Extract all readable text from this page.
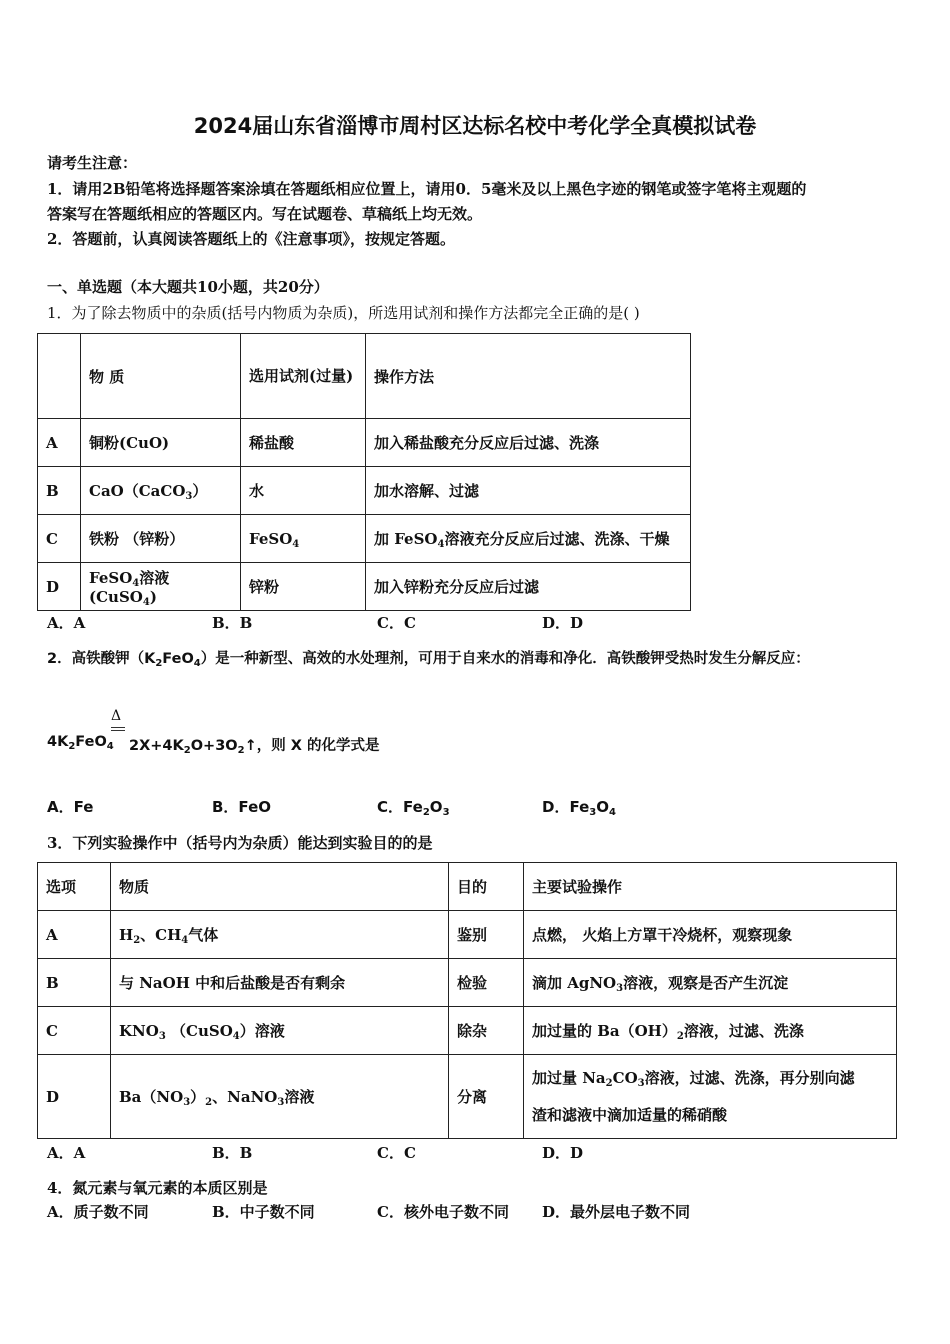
2024届山东省淄博市周村区达标名校中考化学全真模拟试卷
请考生注意：
1．请用2B铅笔将选择题答案涂填在答题纸相应位置上，请用0．5毫米及以上黑色字迹的钢笔或签字笔将主观题的
答案写在答题纸相应的答题区内。写在试题卷、草稿纸上均无效。
2．答题前，认真阅读答题纸上的《注意事项》，按规定答题。
一、单选题（本大题共10小题，共20分）
1．为了除去物质中的杂质(括号内物质为杂质)，所选用试剂和操作方法都完全正确的是( )
	物 质	选用试剂(过量)	操作方法
A	铜粉(CuO)	稀盐酸	加入稀盐酸充分反应后过滤、洗涤
B	CaO（CaCO$_3$）	水	加水溶解、过滤
C	铁粉 （锌粉）	FeSO$_4$	加 FeSO$_4$溶液充分反应后过滤、洗涤、干燥
D	FeSO$_4$溶液(CuSO$_4$)	锌粉	加入锌粉充分反应后过滤
A．A	B．B	C．C	D．D
2．高铁酸钾$(K_2FeO_4)$是一种新型、高效的水处理剂，可用于自来水的消毒和净化．高铁酸钾受热时发生分解反应：
Δ
$4K_2FeO_4$ $2X+4K_2O+3O_2↑$，则 X 的化学式是
A．Fe	B．FeO	C．$Fe_2O_3$	D．$Fe_3O_4$
3．下列实验操作中（括号内为杂质）能达到实验目的的是
选项	物质	目的	主要试验操作
A	$H_2$、$CH_4$气体	鉴别	点燃， 火焰上方罩干冷烧杯，观察现象
B	与 NaOH 中和后盐酸是否有剩余	检验	滴加 AgNO$_3$溶液，观察是否产生沉淀
C	$KNO_3$ （CuSO$_4$）溶液	除杂	加过量的 $Ba(OH)_2$溶液，过滤、洗涤
D	$Ba(NO_3)_2$、NaNO$_3$溶液	分离	加过量 $Na_2CO_3$溶液，过滤、洗涤，再分别向滤
渣和滤液中滴加适量的稀硝酸
A．A	B．B	C．C	D．D
4．氮元素与氧元素的本质区别是
A．质子数不同	B．中子数不同	C．核外电子数不同 D．最外层电子数不同
